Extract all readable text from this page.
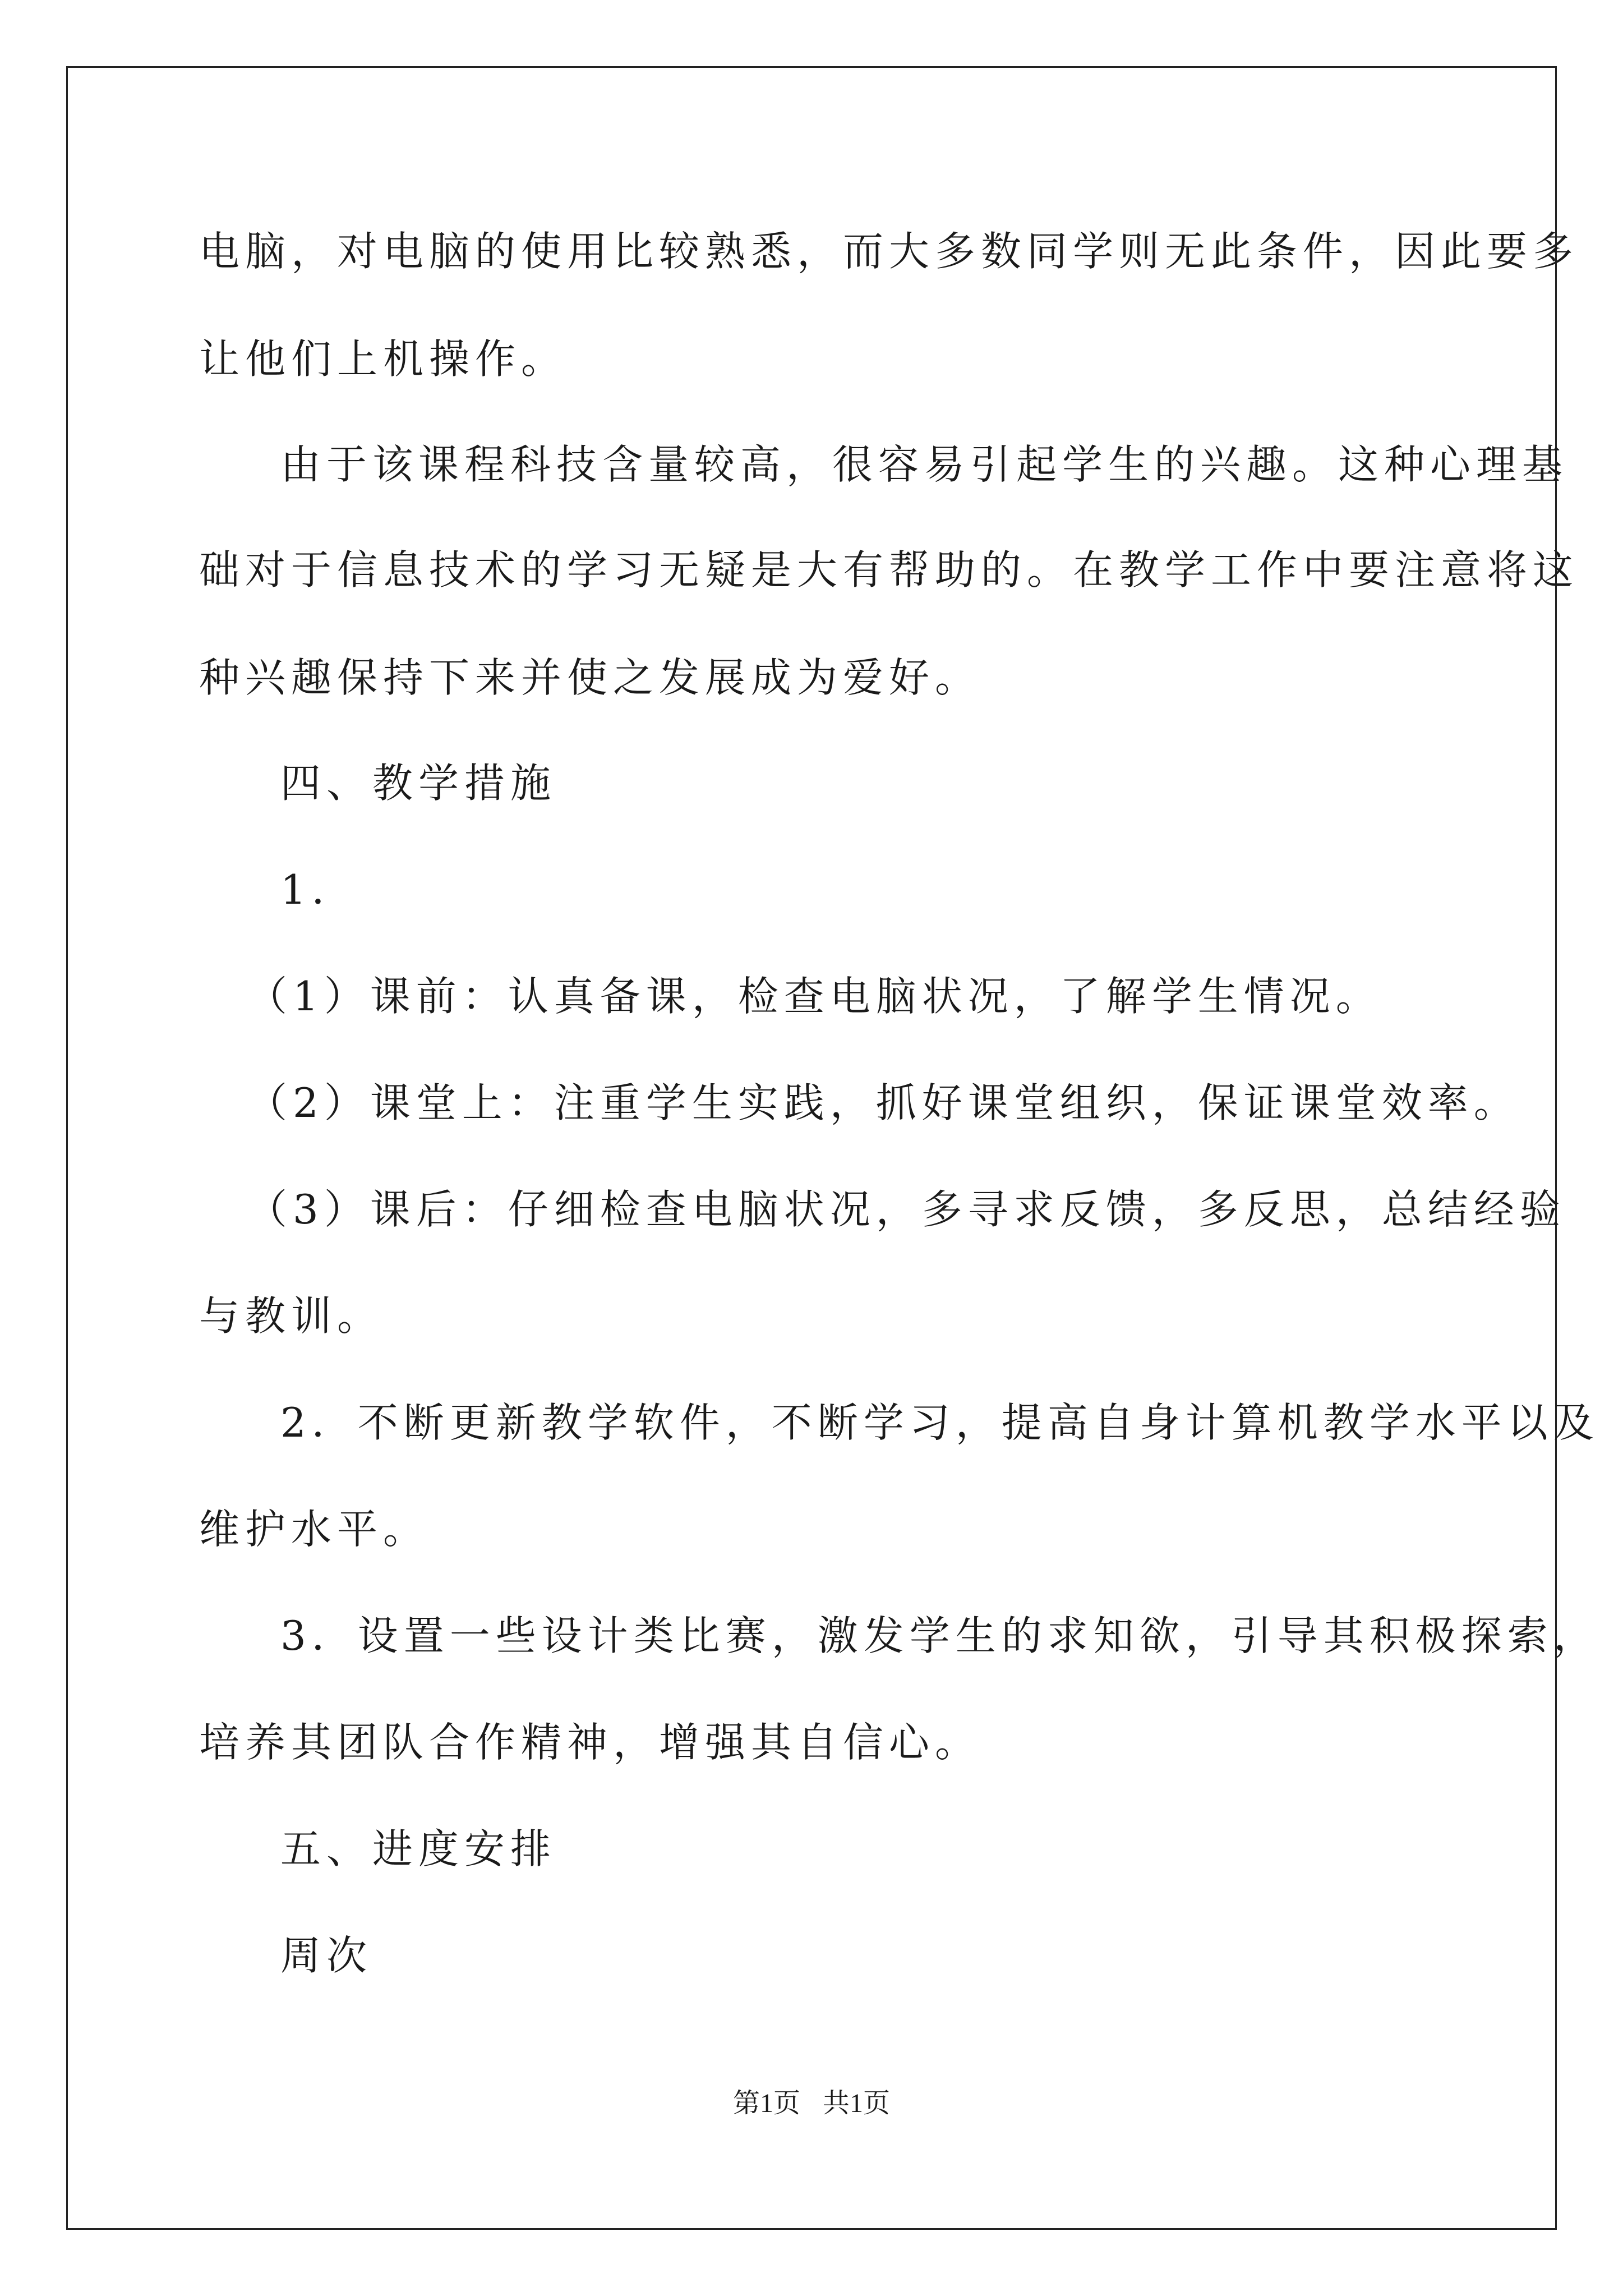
电脑，对电脑的使用比较熟悉，而大多数同学则无此条件，因此要多
让他们上机操作。
由于该课程科技含量较高，很容易引起学生的兴趣。这种心理基
础对于信息技术的学习无疑是大有帮助的。在教学工作中要注意将这
种兴趣保持下来并使之发展成为爱好。
四、教学措施
1．
（1）课前：认真备课，检查电脑状况，了解学生情况。
（2）课堂上：注重学生实践，抓好课堂组织，保证课堂效率。
（3）课后：仔细检查电脑状况，多寻求反馈，多反思，总结经验
与教训。
2．不断更新教学软件，不断学习，提高自身计算机教学水平以及
维护水平。
3．设置一些设计类比赛，激发学生的求知欲，引导其积极探索，
培养其团队合作精神，增强其自信心。
五、进度安排
周次
第1页 共1页
